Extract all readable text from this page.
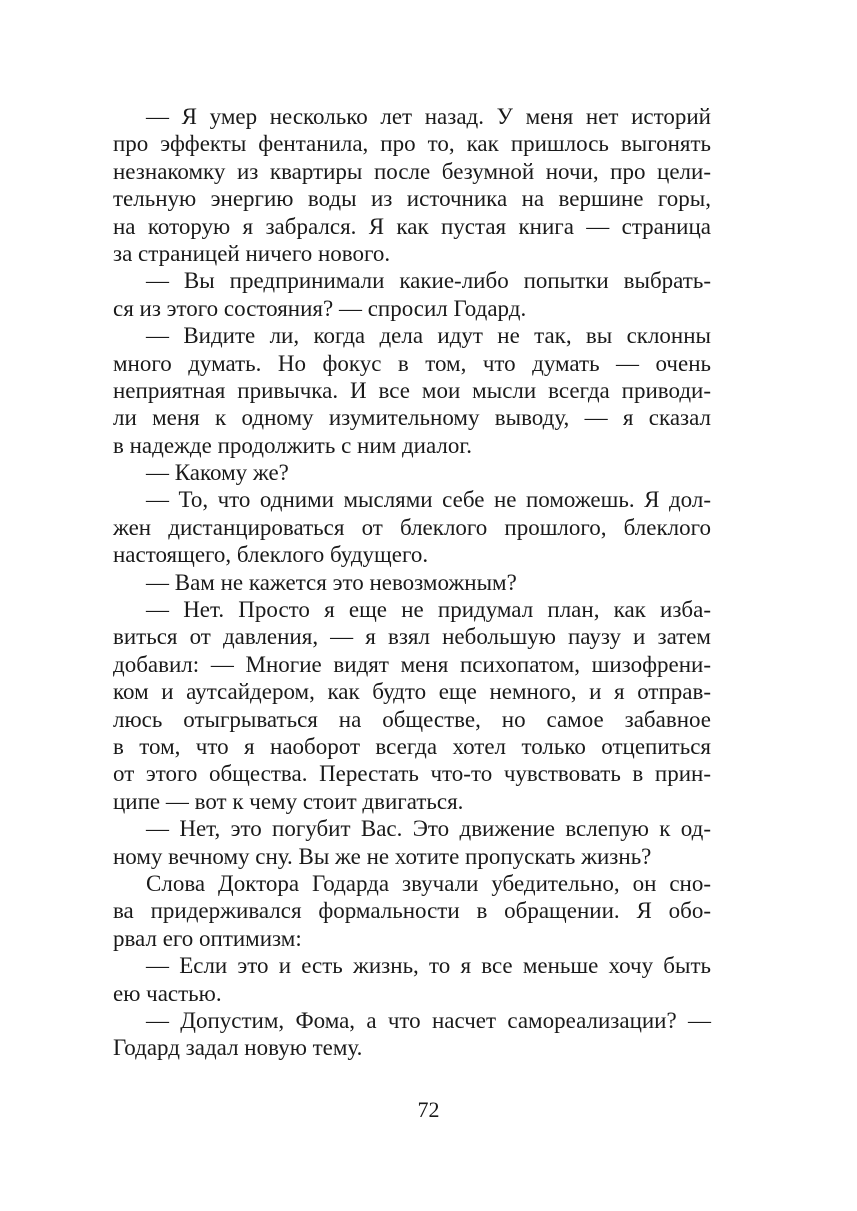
— Я умер несколько лет назад. У меня нет историй
про эффекты фентанила, про то, как пришлось выгонять
незнакомку из квартиры после безумной ночи, про цели-
тельную энергию воды из источника на вершине горы,
на которую я забрался. Я как пустая книга — страница
за страницей ничего нового.
— Вы предпринимали какие-либо попытки выбрать-
ся из этого состояния? — спросил Годард.
— Видите ли, когда дела идут не так, вы склонны
много думать. Но фокус в том, что думать — очень
неприятная привычка. И все мои мысли всегда приводи-
ли меня к одному изумительному выводу, — я сказал
в надежде продолжить с ним диалог.
— Какому же?
— То, что одними мыслями себе не поможешь. Я дол-
жен дистанцироваться от блеклого прошлого, блеклого
настоящего, блеклого будущего.
— Вам не кажется это невозможным?
— Нет. Просто я еще не придумал план, как изба-
виться от давления, — я взял небольшую паузу и затем
добавил: — Многие видят меня психопатом, шизофрени-
ком и аутсайдером, как будто еще немного, и я отправ-
люсь отыгрываться на обществе, но самое забавное
в том, что я наоборот всегда хотел только отцепиться
от этого общества. Перестать что-то чувствовать в прин-
ципе — вот к чему стоит двигаться.
— Нет, это погубит Вас. Это движение вслепую к од-
ному вечному сну. Вы же не хотите пропускать жизнь?
Слова Доктора Годарда звучали убедительно, он сно-
ва придерживался формальности в обращении. Я обо-
рвал его оптимизм:
— Если это и есть жизнь, то я все меньше хочу быть
ею частью.
— Допустим, Фома, а что насчет самореализации? —
Годард задал новую тему.

72
